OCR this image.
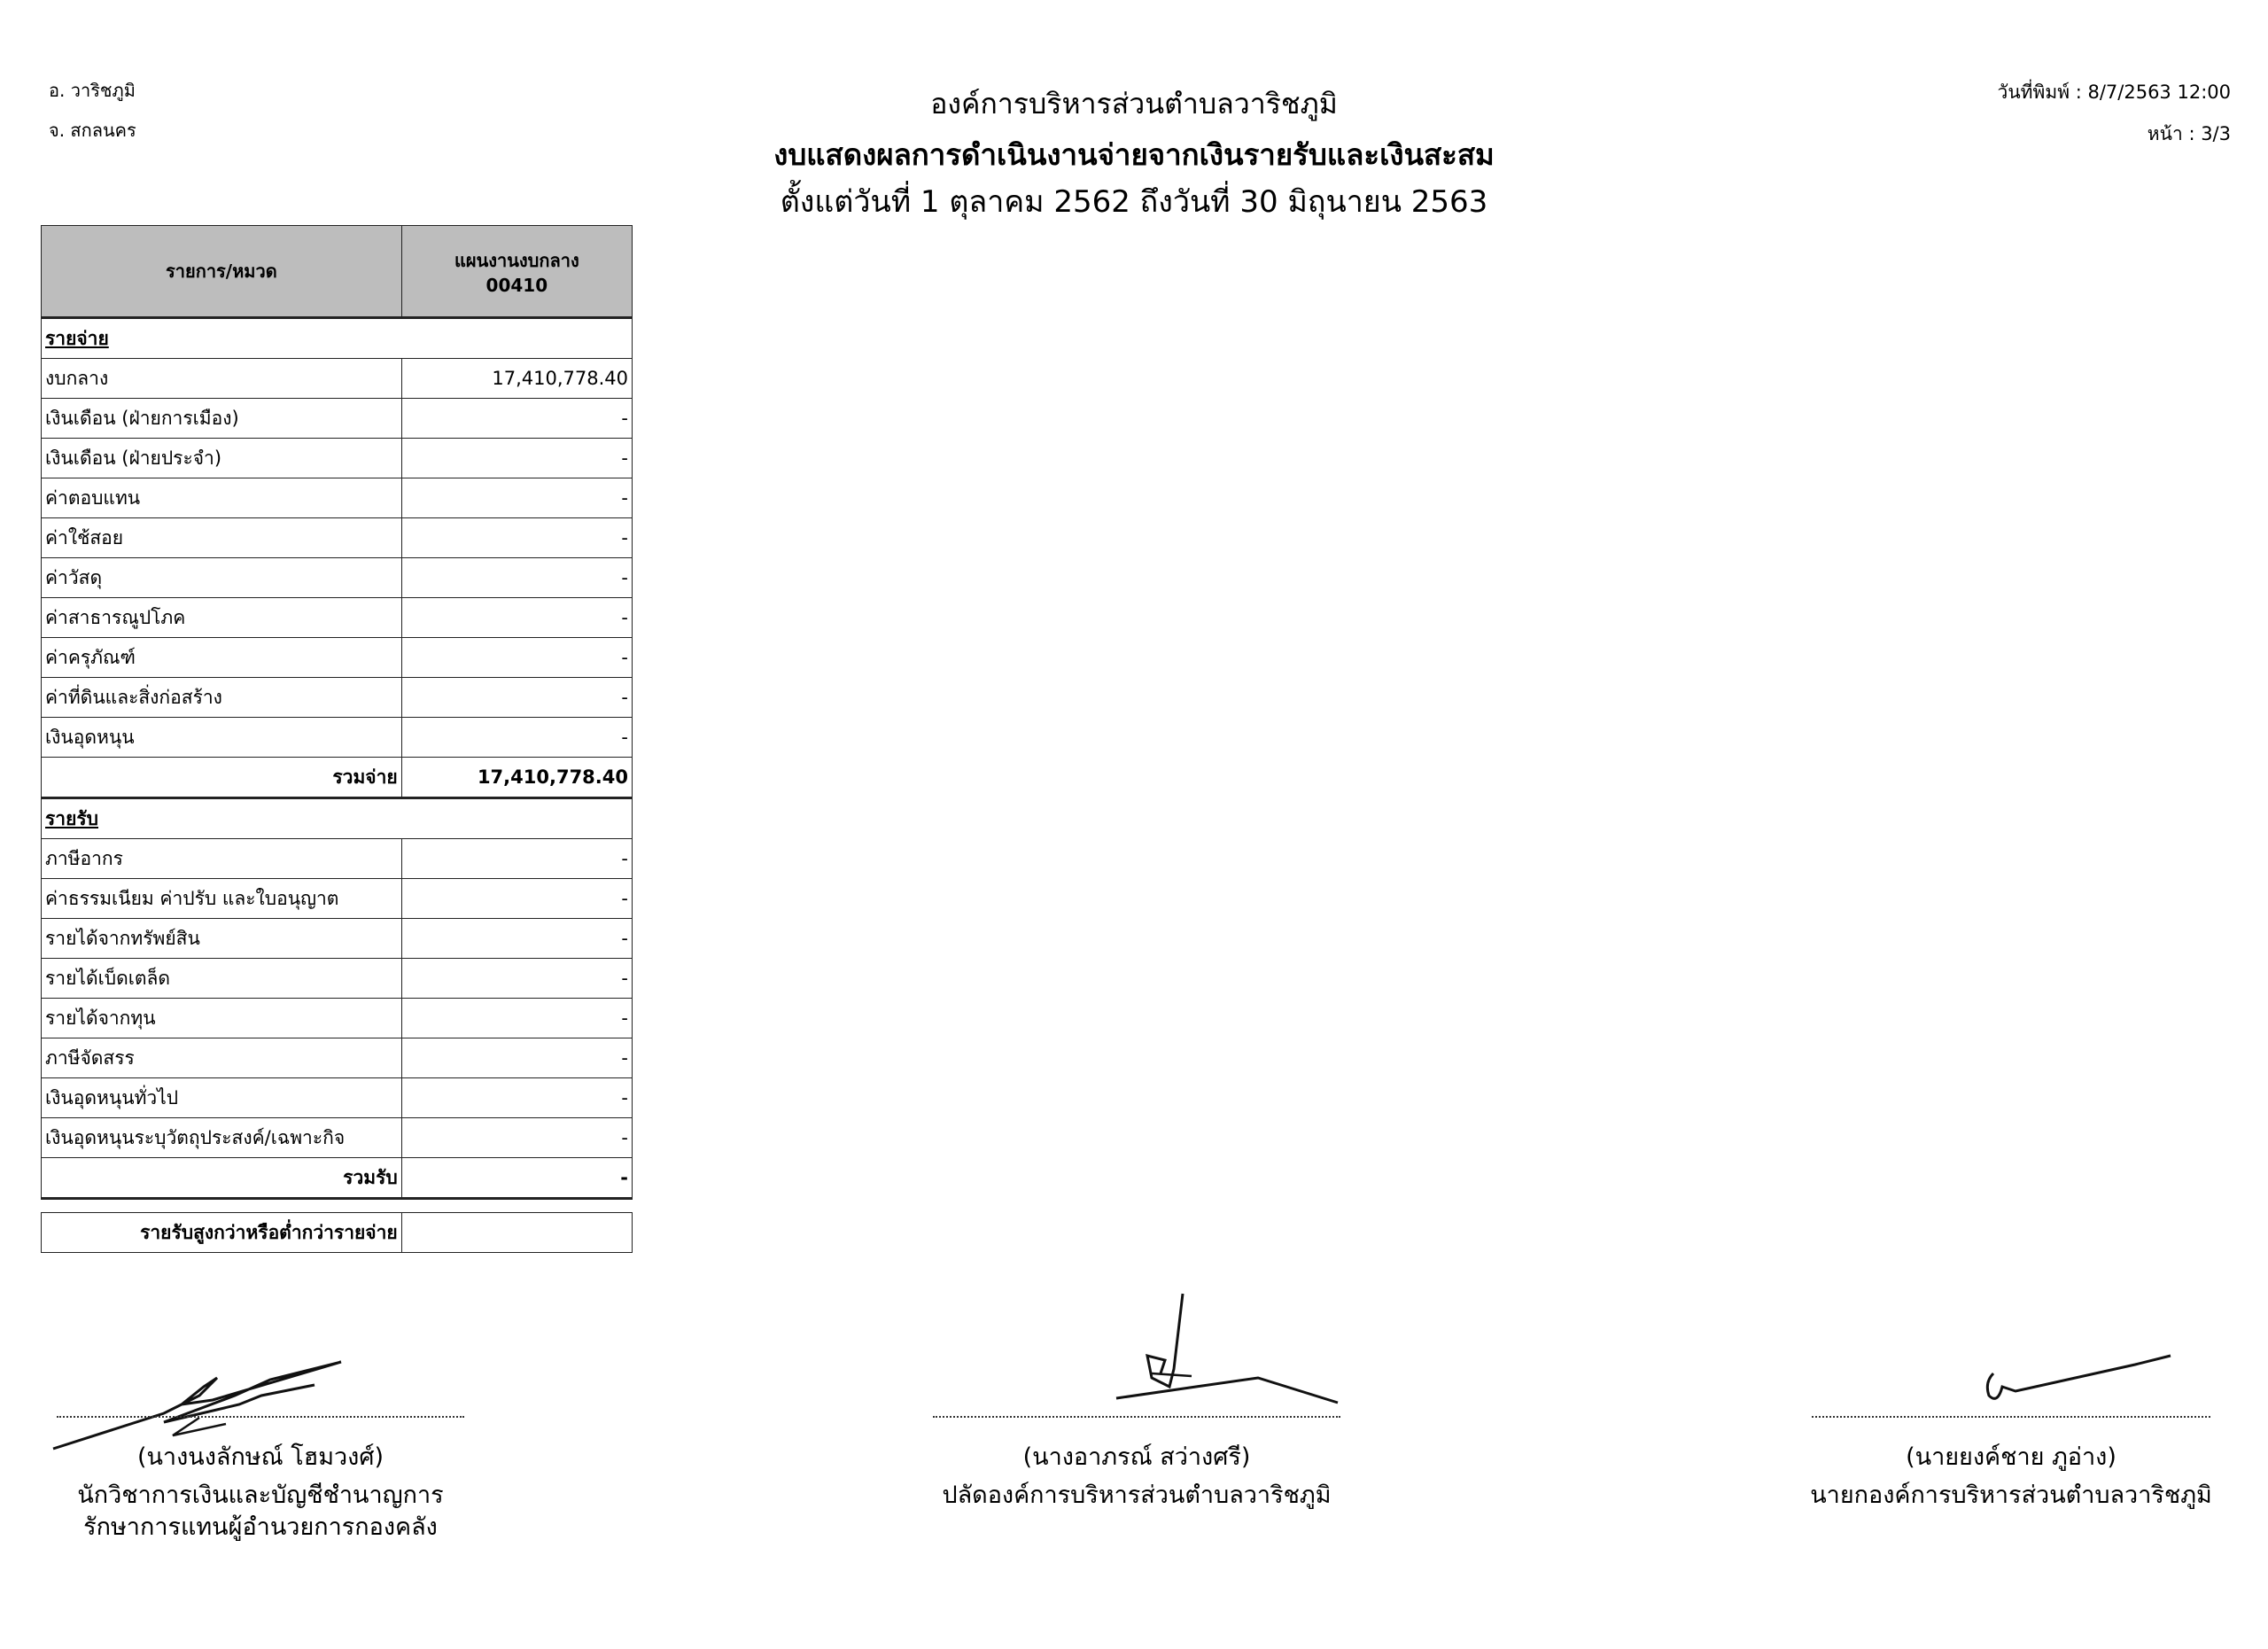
อ. วาริชภูมิ
จ. สกลนคร
วันที่พิมพ์ : 8/7/2563 12:00
หน้า : 3/3
องค์การบริหารส่วนตำบลวาริชภูมิ
งบแสดงผลการดำเนินงานจ่ายจากเงินรายรับและเงินสะสม
ตั้งแต่วันที่ 1 ตุลาคม 2562 ถึงวันที่ 30 มิถุนายน 2563
รายการ/หมวด	แผนงานงบกลาง
00410

รายจ่าย	
งบกลาง	17,410,778.40
เงินเดือน (ฝ่ายการเมือง)	-
เงินเดือน (ฝ่ายประจำ)	-
ค่าตอบแทน	-
ค่าใช้สอย	-
ค่าวัสดุ	-
ค่าสาธารณูปโภค	-
ค่าครุภัณฑ์	-
ค่าที่ดินและสิ่งก่อสร้าง	-
เงินอุดหนุน	-
รวมจ่าย	17,410,778.40
รายรับ	
ภาษีอากร	-
ค่าธรรมเนียม ค่าปรับ และใบอนุญาต	-
รายได้จากทรัพย์สิน	-
รายได้เบ็ดเตล็ด	-
รายได้จากทุน	-
ภาษีจัดสรร	-
เงินอุดหนุนทั่วไป	-
เงินอุดหนุนระบุวัตถุประสงค์/เฉพาะกิจ	-
รวมรับ	-

รายรับสูงกว่าหรือต่ำกว่ารายจ่าย	
(นางนงลักษณ์ โฮมวงศ์)
นักวิชาการเงินและบัญชีชำนาญการ
รักษาการแทนผู้อำนวยการกองคลัง
(นางอาภรณ์ สว่างศรี)
ปลัดองค์การบริหารส่วนตำบลวาริชภูมิ
(นายยงค์ชาย ภูอ่าง)
นายกองค์การบริหารส่วนตำบลวาริชภูมิ
